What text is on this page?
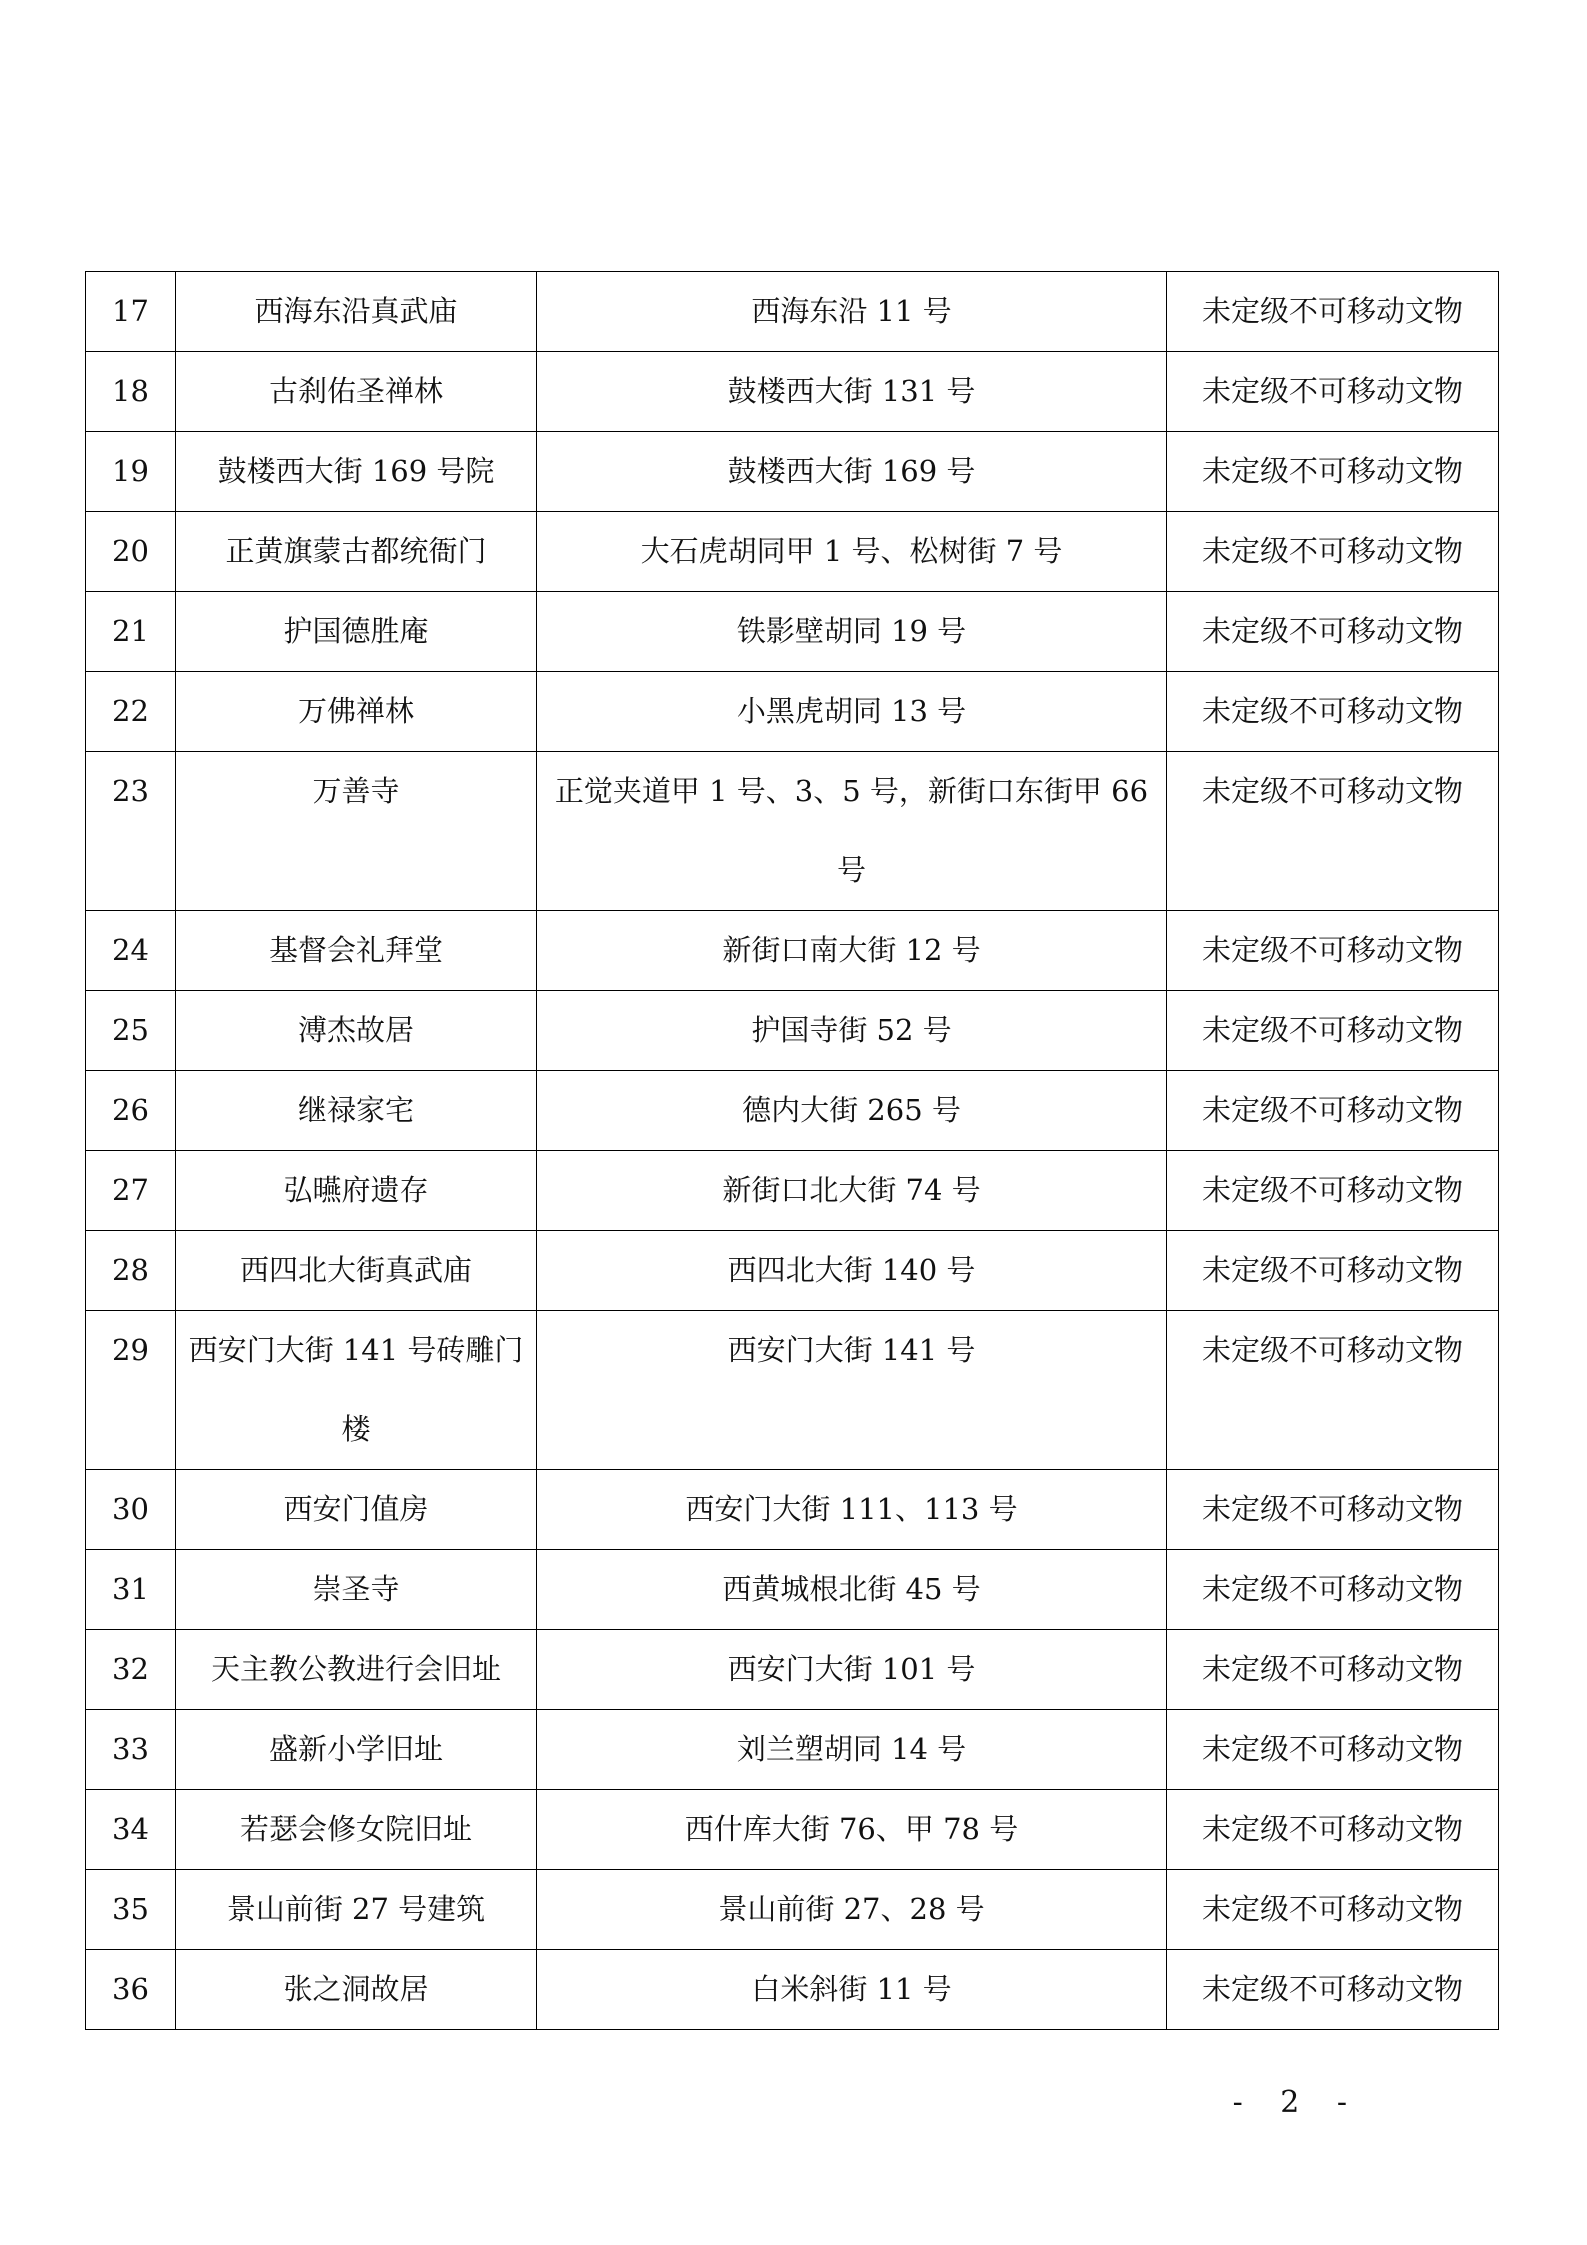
17	西海东沿真武庙	西海东沿 11 号	未定级不可移动文物
18	古刹佑圣禅林	鼓楼西大街 131 号	未定级不可移动文物
19	鼓楼西大街 169 号院	鼓楼西大街 169 号	未定级不可移动文物
20	正黄旗蒙古都统衙门	大石虎胡同甲 1 号、松树街 7 号	未定级不可移动文物
21	护国德胜庵	铁影壁胡同 19 号	未定级不可移动文物
22	万佛禅林	小黑虎胡同 13 号	未定级不可移动文物
23	万善寺	正觉夹道甲 1 号、3、5 号，新街口东街甲 66 号	未定级不可移动文物
24	基督会礼拜堂	新街口南大街 12 号	未定级不可移动文物
25	溥杰故居	护国寺街 52 号	未定级不可移动文物
26	继禄家宅	德内大街 265 号	未定级不可移动文物
27	弘曣府遗存	新街口北大街 74 号	未定级不可移动文物
28	西四北大街真武庙	西四北大街 140 号	未定级不可移动文物
29	西安门大街 141 号砖雕门楼	西安门大街 141 号	未定级不可移动文物
30	西安门值房	西安门大街 111、113 号	未定级不可移动文物
31	崇圣寺	西黄城根北街 45 号	未定级不可移动文物
32	天主教公教进行会旧址	西安门大街 101 号	未定级不可移动文物
33	盛新小学旧址	刘兰塑胡同 14 号	未定级不可移动文物
34	若瑟会修女院旧址	西什库大街 76、甲 78 号	未定级不可移动文物
35	景山前街 27 号建筑	景山前街 27、28 号	未定级不可移动文物
36	张之洞故居	白米斜街 11 号	未定级不可移动文物
- 2 -
